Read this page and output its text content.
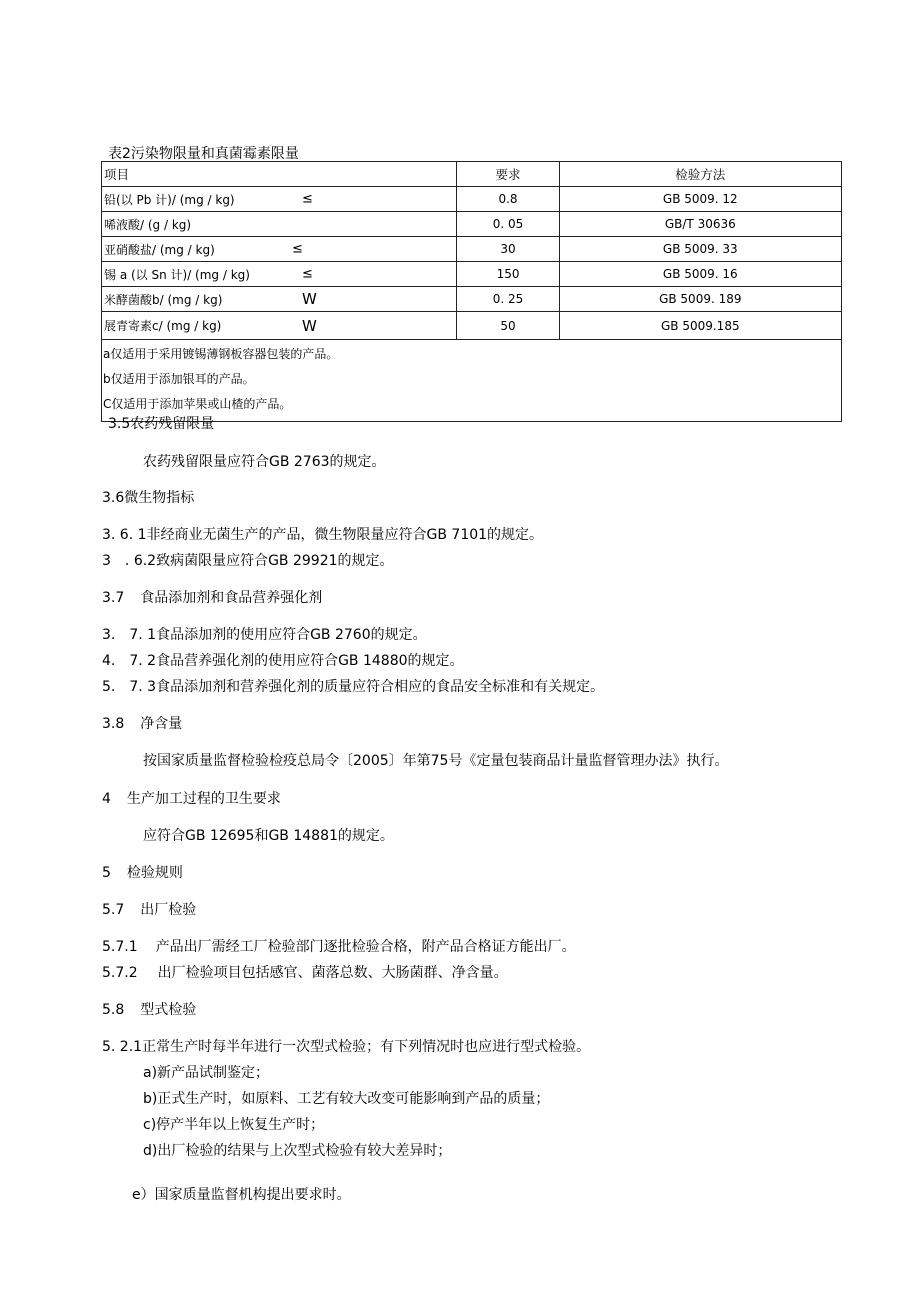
表2污染物限量和真菌霉素限量
项目	要求	检验方法
铅(以 Pb 计)/ (mg / kg) ≤	0.8	GB 5009. 12
唏液酸/ (g / kg)	0. 05	GB/T 30636
亚硝酸盐/ (mg / kg) ≤	30	GB 5009. 33
锡 a (以 Sn 计)/ (mg / kg) ≤	150	GB 5009. 16
米酵菌酸b/ (mg / kg) W	0. 25	GB 5009. 189
展青寄素c/ (mg / kg) W	50	GB 5009.185

a仅适用于采用镀锡薄钢板容器包装的产品。
b仅适用于添加银耳的产品。
C仅适用于添加苹果或山楂的产品。		
3.5农药残留限量
农药残留限量应符合GB 2763的规定。
3.6微生物指标
3. 6. 1非经商业无菌生产的产品，微生物限量应符合GB 7101的规定。
3 . 6.2致病菌限量应符合GB 29921的规定。
3.7 食品添加剂和食品营养强化剂
3. 7. 1食品添加剂的使用应符合GB 2760的规定。
4. 7. 2食品营养强化剂的使用应符合GB 14880的规定。
5. 7. 3食品添加剂和营养强化剂的质量应符合相应的食品安全标准和有关规定。
3.8 净含量
按国家质量监督检验检疫总局令〔2005〕年第75号《定量包装商品计量监督管理办法》执行。
4 生产加工过程的卫生要求
应符合GB 12695和GB 14881的规定。
5 检验规则
5.7 出厂检验
5.7.1 产品出厂需经工厂检验部门逐批检验合格，附产品合格证方能出厂。
5.7.2 出厂检验项目包括感官、菌落总数、大肠菌群、净含量。
5.8 型式检验
5. 2.1正常生产时每半年进行一次型式检验；有下列情况时也应进行型式检验。
a)新产品试制鉴定；
b)正式生产时，如原料、工艺有较大改变可能影响到产品的质量；
c)停产半年以上恢复生产时；
d)出厂检验的结果与上次型式检验有较大差异时；
e）国家质量监督机构提出要求时。
